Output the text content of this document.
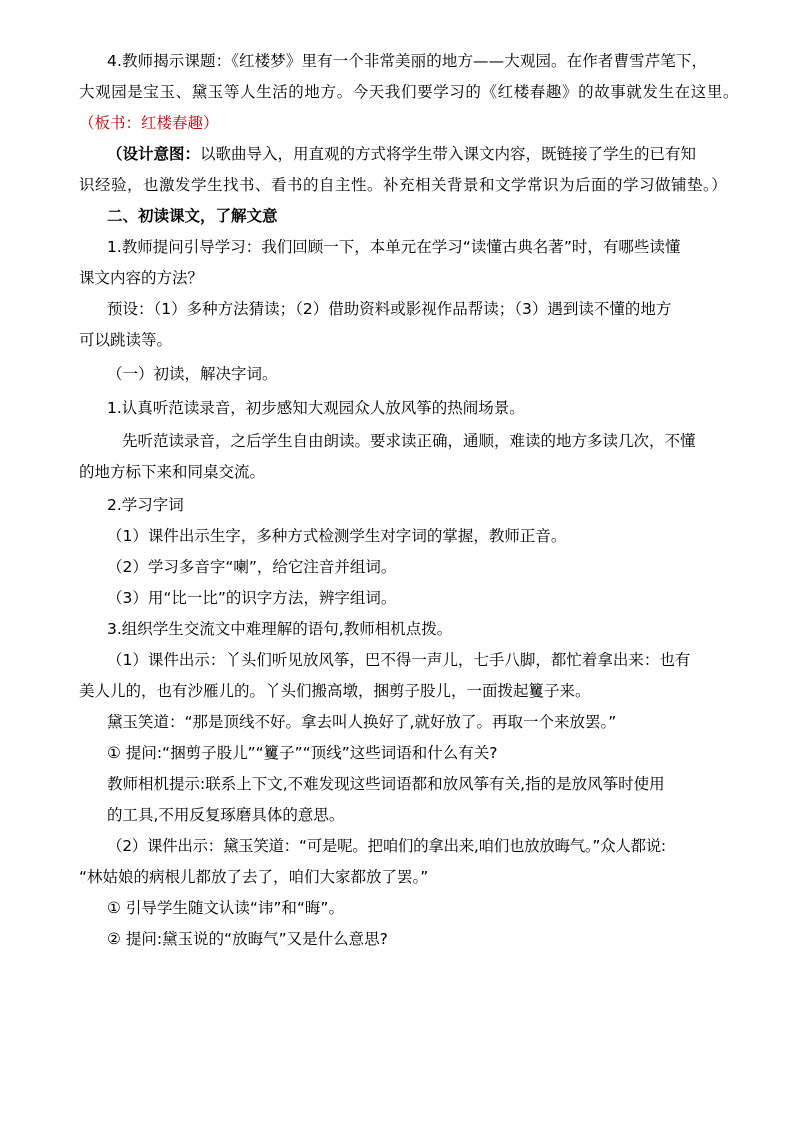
4.教师揭示课题：《红楼梦》里有一个非常美丽的地方——大观园。在作者曹雪芹笔下，
大观园是宝玉、黛玉等人生活的地方。今天我们要学习的《红楼春趣》的故事就发生在这里。
（板书：红楼春趣）
（设计意图：以歌曲导入，用直观的方式将学生带入课文内容，既链接了学生的已有知
识经验，也激发学生找书、看书的自主性。补充相关背景和文学常识为后面的学习做铺垫。）
二、初读课文，了解文意
1.教师提问引导学习：我们回顾一下，本单元在学习“读懂古典名著”时，有哪些读懂
课文内容的方法？
预设：（1）多种方法猜读；（2）借助资料或影视作品帮读；（3）遇到读不懂的地方
可以跳读等。
（一）初读，解决字词。
1.认真听范读录音，初步感知大观园众人放风筝的热闹场景。
先听范读录音，之后学生自由朗读。要求读正确，通顺，难读的地方多读几次，不懂
的地方标下来和同桌交流。
2.学习字词
（1）课件出示生字，多种方式检测学生对字词的掌握，教师正音。
（2）学习多音字“喇”，给它注音并组词。
（3）用“比一比”的识字方法，辨字组词。
3.组织学生交流文中难理解的语句,教师相机点拨。
（1）课件出示：丫头们听见放风筝，巴不得一声儿，七手八脚，都忙着拿出来：也有
美人儿的，也有沙雁儿的。丫头们搬高墩，捆剪子股儿，一面拨起籰子来。
黛玉笑道：“那是顶线不好。拿去叫人换好了,就好放了。再取一个来放罢。”
① 提问:“捆剪子股儿”“籰子”“顶线”这些词语和什么有关?
教师相机提示:联系上下文,不难发现这些词语都和放风筝有关,指的是放风筝时使用
的工具,不用反复琢磨具体的意思。
（2）课件出示：黛玉笑道：“可是呢。把咱们的拿出来,咱们也放放晦气。”众人都说:
“林姑娘的病根儿都放了去了，咱们大家都放了罢。”
① 引导学生随文认读“讳”和“晦”。
② 提问:黛玉说的“放晦气”又是什么意思?
